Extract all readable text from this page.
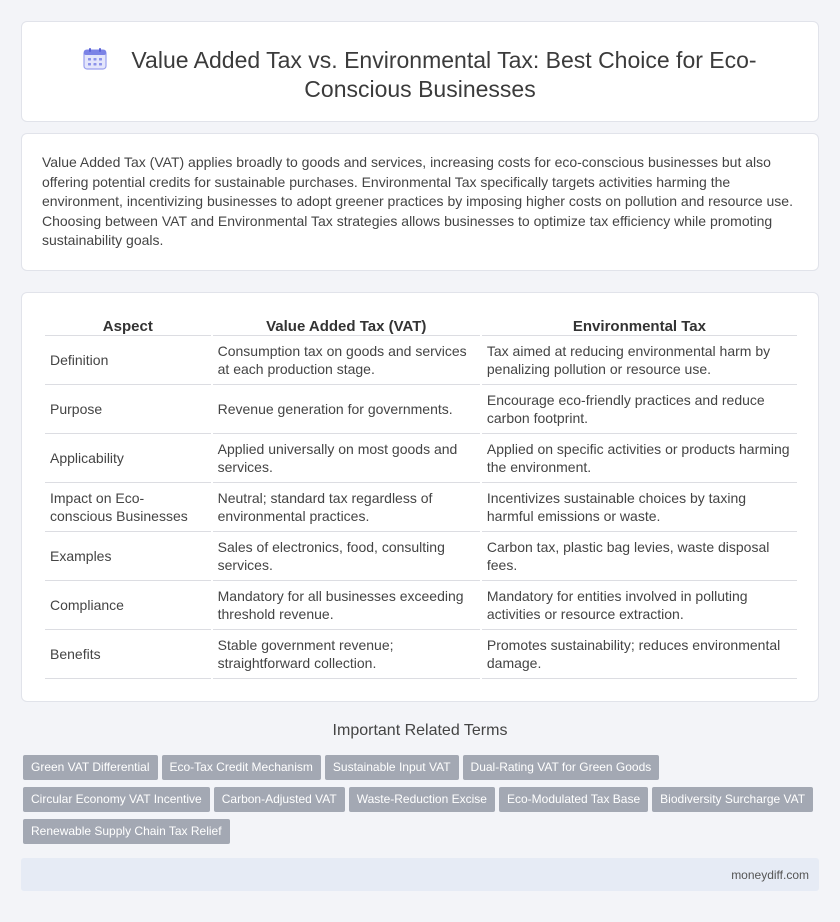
Value Added Tax vs. Environmental Tax: Best Choice for Eco-Conscious Businesses

Value Added Tax (VAT) applies broadly to goods and services, increasing costs for eco-conscious businesses but also offering potential credits for sustainable purchases. Environmental Tax specifically targets activities harming the environment, incentivizing businesses to adopt greener practices by imposing higher costs on pollution and resource use. Choosing between VAT and Environmental Tax strategies allows businesses to optimize tax efficiency while promoting sustainability goals.

Aspect	Value Added Tax (VAT)	Environmental Tax
Definition	Consumption tax on goods and services at each production stage.	Tax aimed at reducing environmental harm by penalizing pollution or resource use.
Purpose	Revenue generation for governments.	Encourage eco-friendly practices and reduce carbon footprint.
Applicability	Applied universally on most goods and services.	Applied on specific activities or products harming the environment.
Impact on Eco-conscious Businesses	Neutral; standard tax regardless of environmental practices.	Incentivizes sustainable choices by taxing harmful emissions or waste.
Examples	Sales of electronics, food, consulting services.	Carbon tax, plastic bag levies, waste disposal fees.
Compliance	Mandatory for all businesses exceeding threshold revenue.	Mandatory for entities involved in polluting activities or resource extraction.
Benefits	Stable government revenue; straightforward collection.	Promotes sustainability; reduces environmental damage.
Important Related Terms
Green VAT Differential Eco-Tax Credit Mechanism Sustainable Input VAT Dual-Rating VAT for Green Goods
Circular Economy VAT Incentive Carbon-Adjusted VAT Waste-Reduction Excise Eco-Modulated Tax Base Biodiversity Surcharge VAT
Renewable Supply Chain Tax Relief
moneydiff.com
